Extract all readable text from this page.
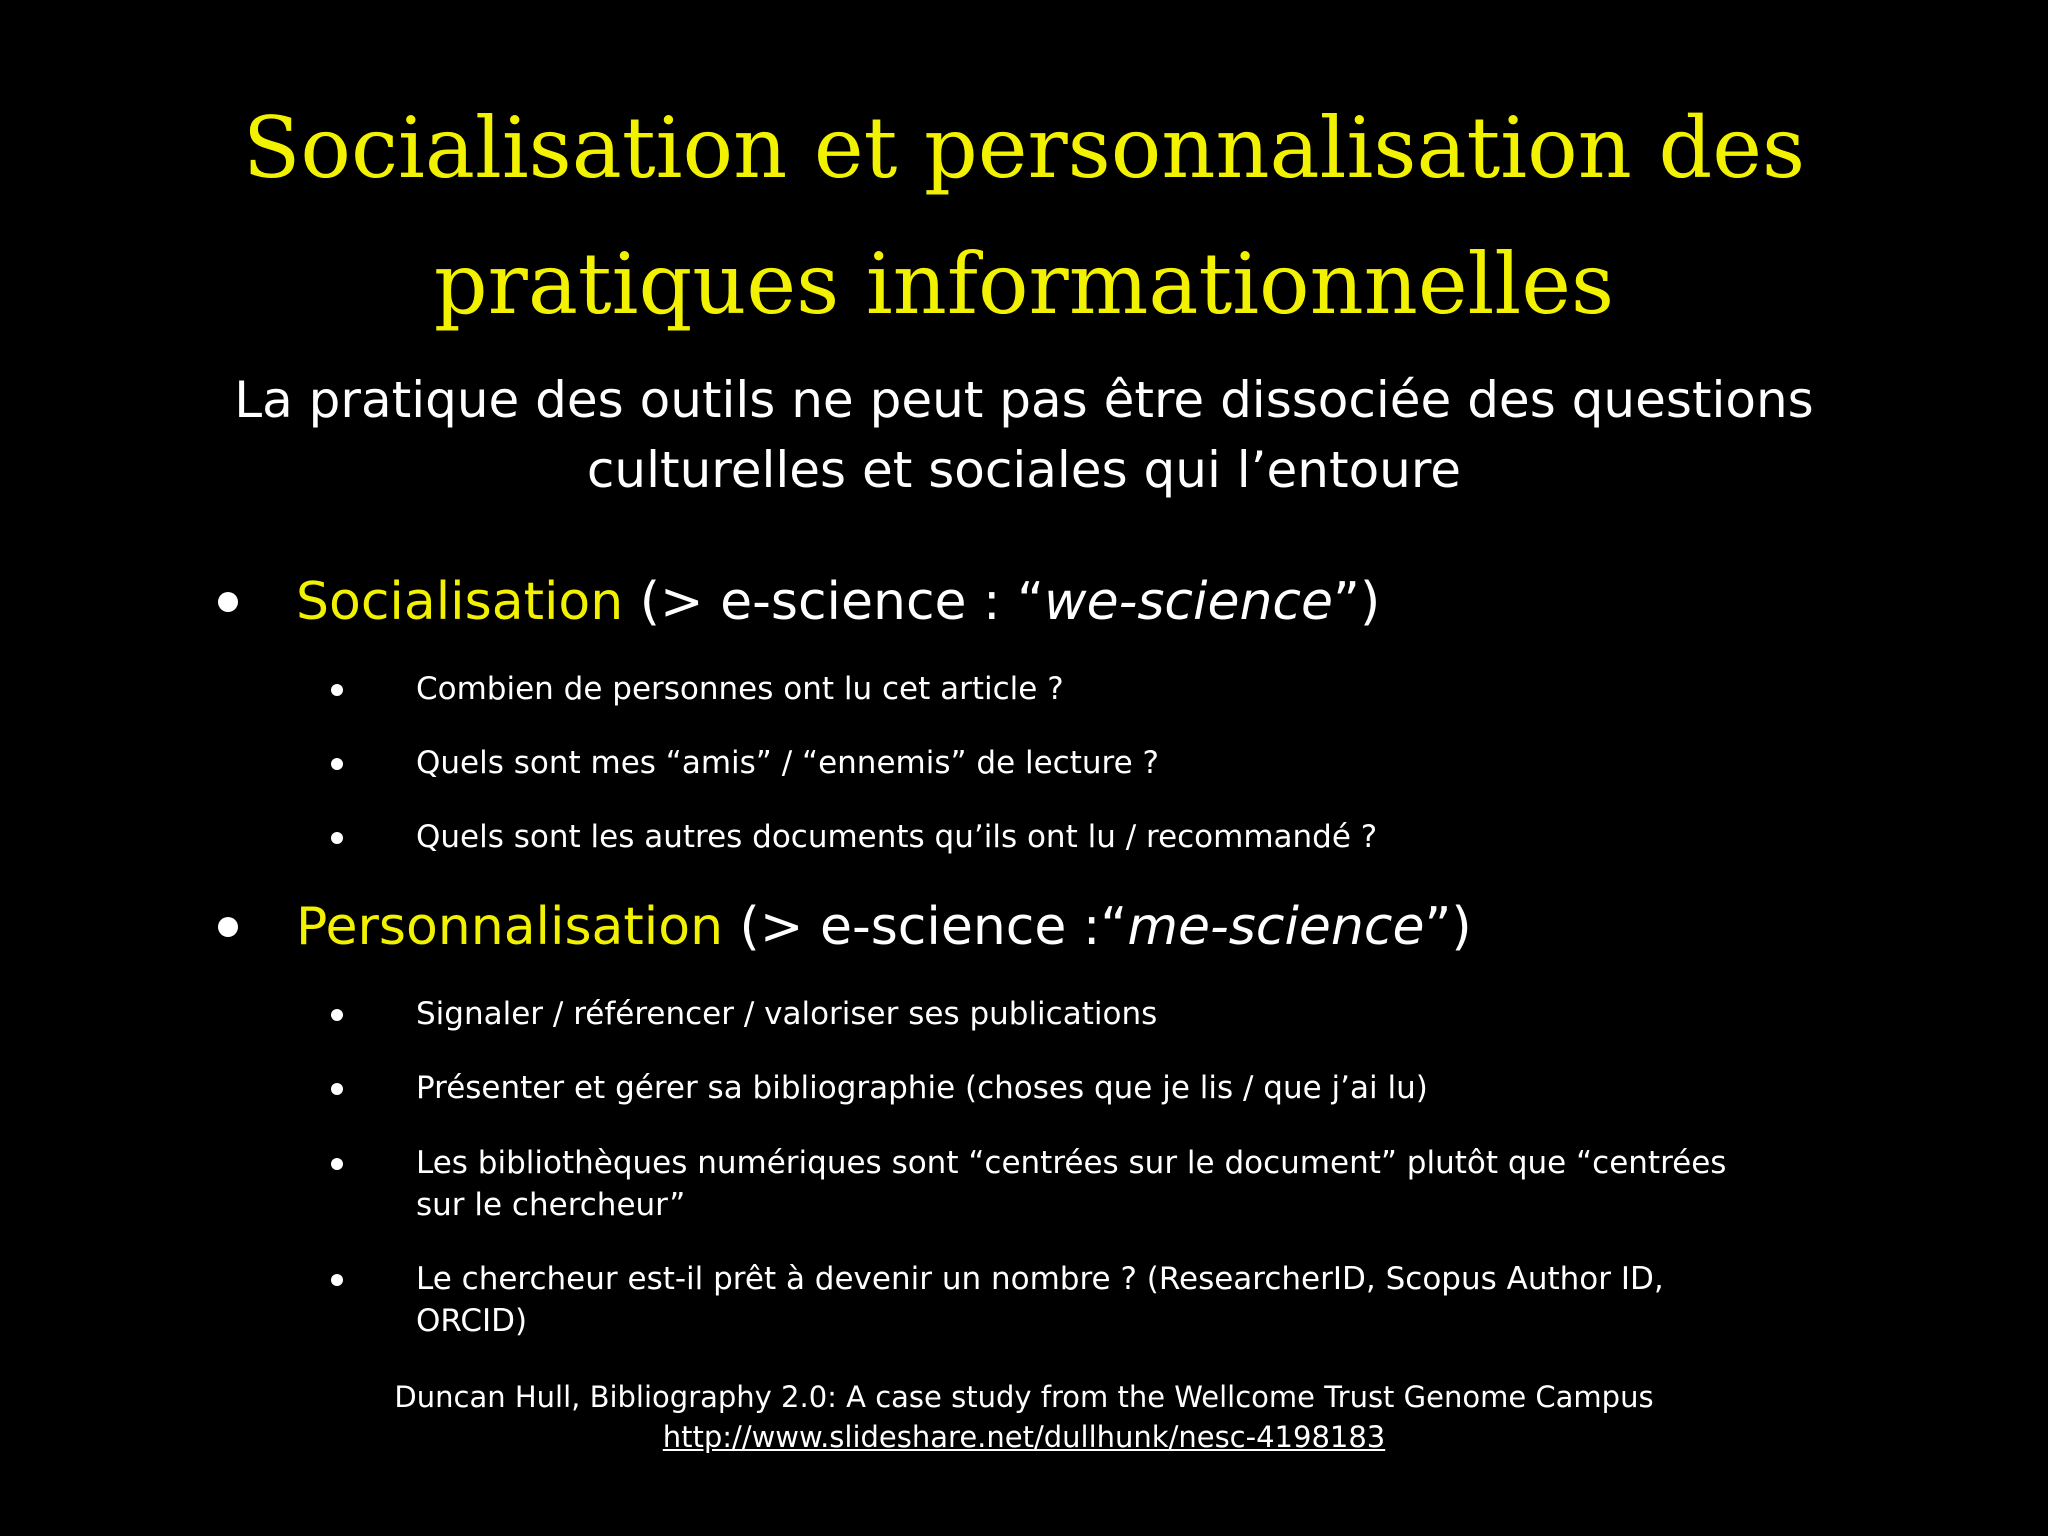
Socialisation et personnalisation des
pratiques informationnelles
La pratique des outils ne peut pas être dissociée des questions
culturelles et sociales qui l’entoure
Socialisation (> e-science : “we-science”)
Combien de personnes ont lu cet article ?
Quels sont mes “amis” / “ennemis” de lecture ?
Quels sont les autres documents qu’ils ont lu / recommandé ?
Personnalisation (> e-science :“me-science”)
Signaler / référencer / valoriser ses publications
Présenter et gérer sa bibliographie (choses que je lis / que j’ai lu)
Les bibliothèques numériques sont “centrées sur le document” plutôt que “centrées sur le chercheur”
Le chercheur est-il prêt à devenir un nombre ? (ResearcherID, Scopus Author ID, ORCID)
Duncan Hull, Bibliography 2.0: A case study from the Wellcome Trust Genome Campus
http://www.slideshare.net/dullhunk/nesc-4198183
